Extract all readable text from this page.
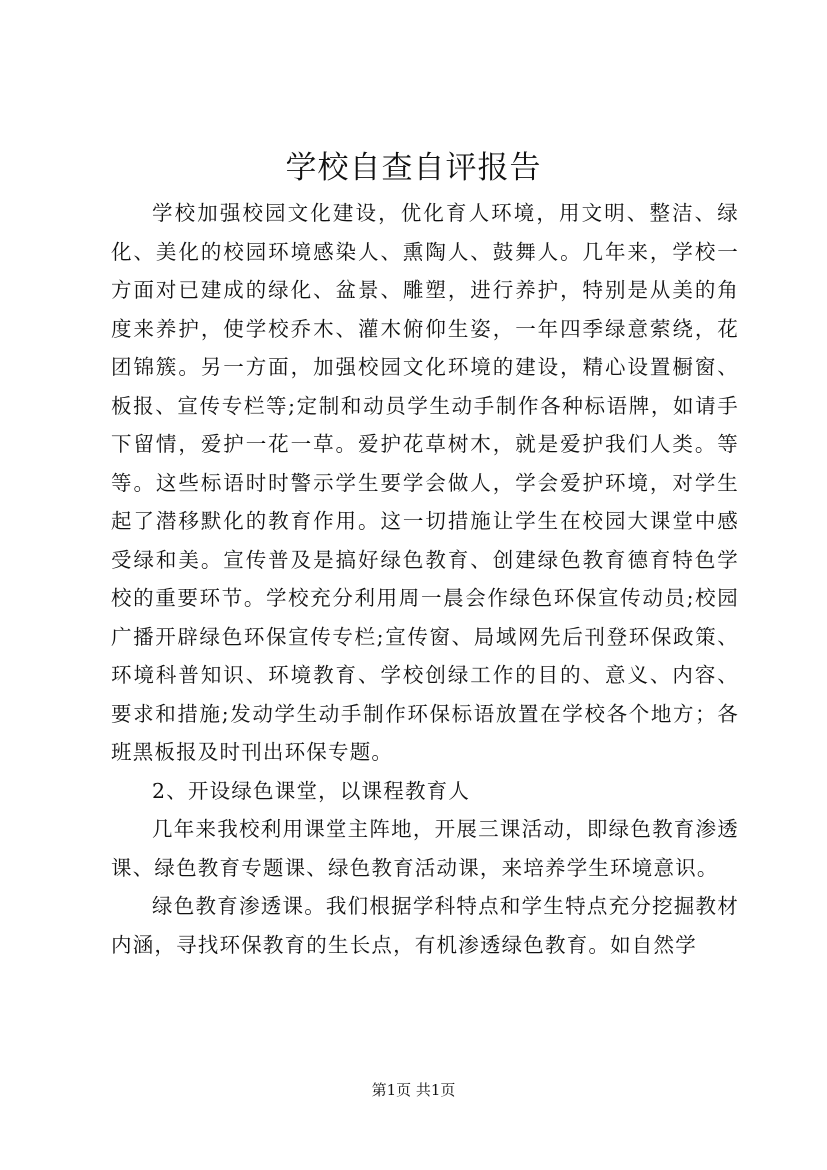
学校自查自评报告

学校加强校园文化建设，优化育人环境，用文明、整洁、绿化、美化的校园环境感染人、熏陶人、鼓舞人。几年来，学校一方面对已建成的绿化、盆景、雕塑，进行养护，特别是从美的角度来养护，使学校乔木、灌木俯仰生姿，一年四季绿意萦绕，花团锦簇。另一方面，加强校园文化环境的建设，精心设置橱窗、板报、宣传专栏等;定制和动员学生动手制作各种标语牌，如请手下留情，爱护一花一草。爱护花草树木，就是爱护我们人类。等等。这些标语时时警示学生要学会做人，学会爱护环境，对学生起了潜移默化的教育作用。这一切措施让学生在校园大课堂中感受绿和美。宣传普及是搞好绿色教育、创建绿色教育德育特色学校的重要环节。学校充分利用周一晨会作绿色环保宣传动员;校园广播开辟绿色环保宣传专栏;宣传窗、局域网先后刊登环保政策、环境科普知识、环境教育、学校创绿工作的目的、意义、内容、要求和措施;发动学生动手制作环保标语放置在学校各个地方；各班黑板报及时刊出环保专题。

2、开设绿色课堂，以课程教育人

几年来我校利用课堂主阵地，开展三课活动，即绿色教育渗透课、绿色教育专题课、绿色教育活动课，来培养学生环境意识。

绿色教育渗透课。我们根据学科特点和学生特点充分挖掘教材内涵，寻找环保教育的生长点，有机渗透绿色教育。如自然学

第1页 共1页
